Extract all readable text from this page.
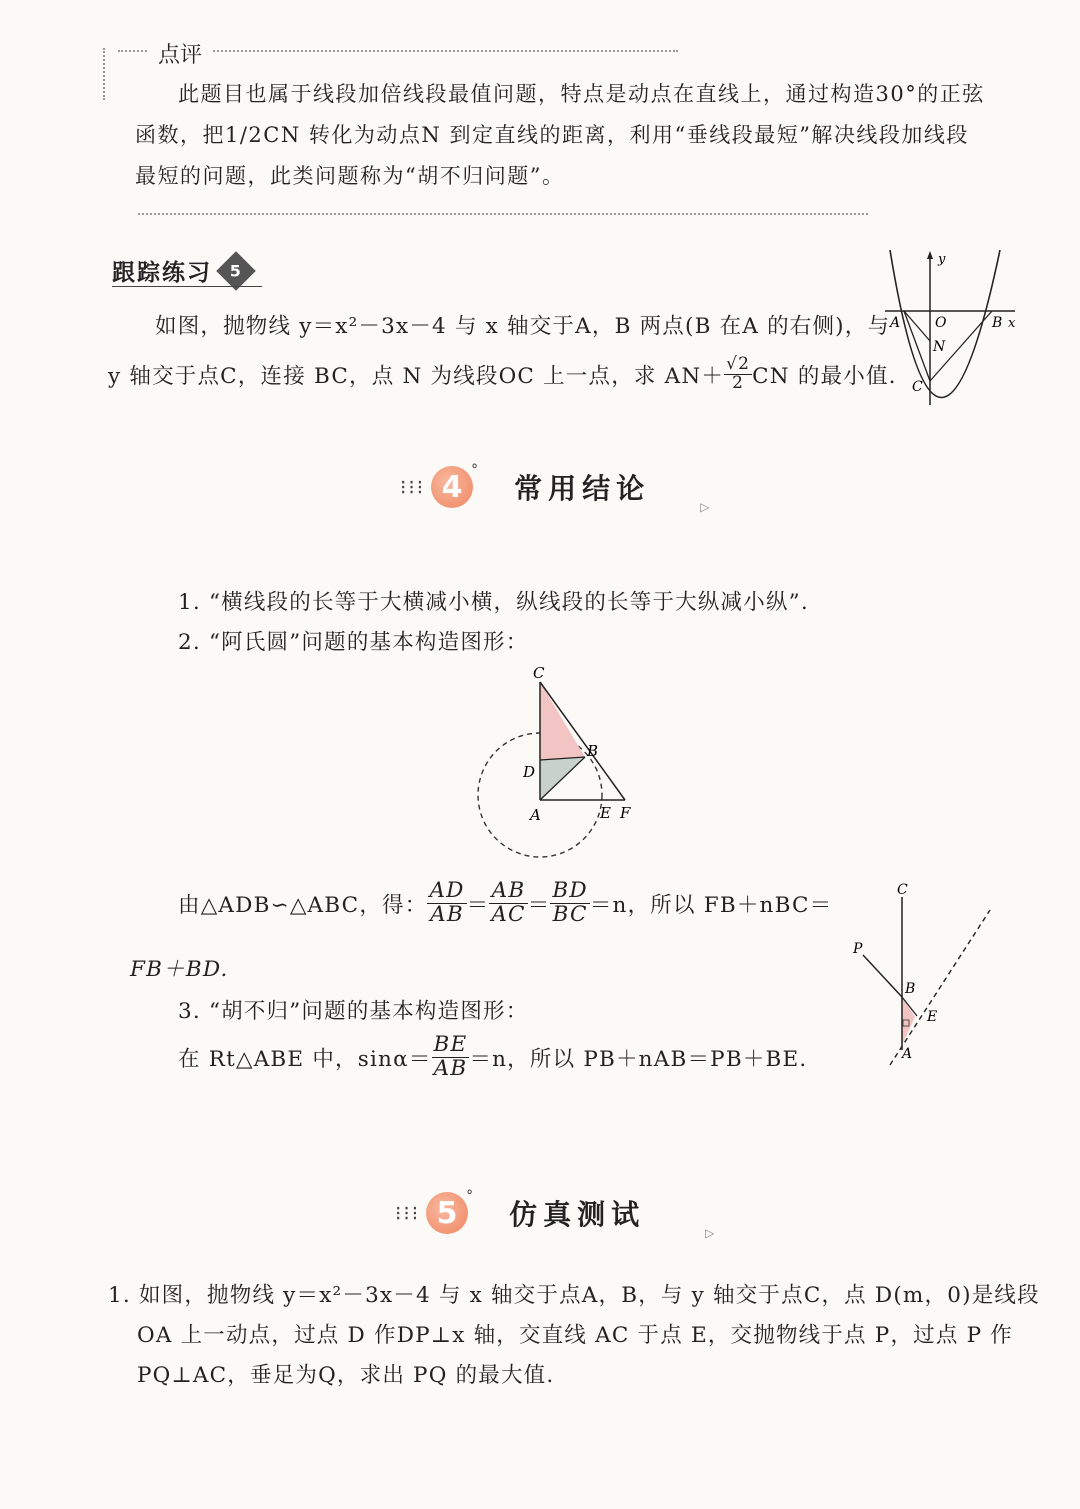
点评
此题目也属于线段加倍线段最值问题，特点是动点在直线上，通过构造30°的正弦
函数，把1/2CN 转化为动点N 到定直线的距离，利用“垂线段最短”解决线段加线段
最短的问题，此类问题称为“胡不归问题”。
跟踪练习 5
如图，抛物线 y＝x²－3x－4 与 x 轴交于A，B 两点(B 在A 的右侧)，与
y 轴交于点C，连接 BC，点 N 为线段OC 上一点，求 $AN+ \frac{√2}{2}$ CN 的最小值.
y
A O	B x
N
C
⁝⁝⁝ 4 °
常用结论
▷
1. “横线段的长等于大横减小横，纵线段的长等于大纵减小纵”.
2. “阿氏圆”问题的基本构造图形：
C
B
D
A	E F
由△ADB∽△ABC，得： $\frac{AD}{AB} = \frac{AB}{AC} = \frac{BD}{BC} =n$，所以 FB＋nBC＝
FB＋BD.
3. “胡不归”问题的基本构造图形：
在 Rt△ABE 中，$\sin\alpha= \frac{BE}{AB} =n$，所以 PB＋nAB＝PB＋BE.
C
P
B
E
A
⁝⁝⁝ 5 °
仿真测试
▷
1. 如图，抛物线 y＝x²－3x－4 与 x 轴交于点A，B，与 y 轴交于点C，点 D(m，0)是线段
OA 上一动点，过点 D 作DP⊥x 轴，交直线 AC 于点 E，交抛物线于点 P，过点 P 作
PQ⊥AC，垂足为Q，求出 PQ 的最大值.
